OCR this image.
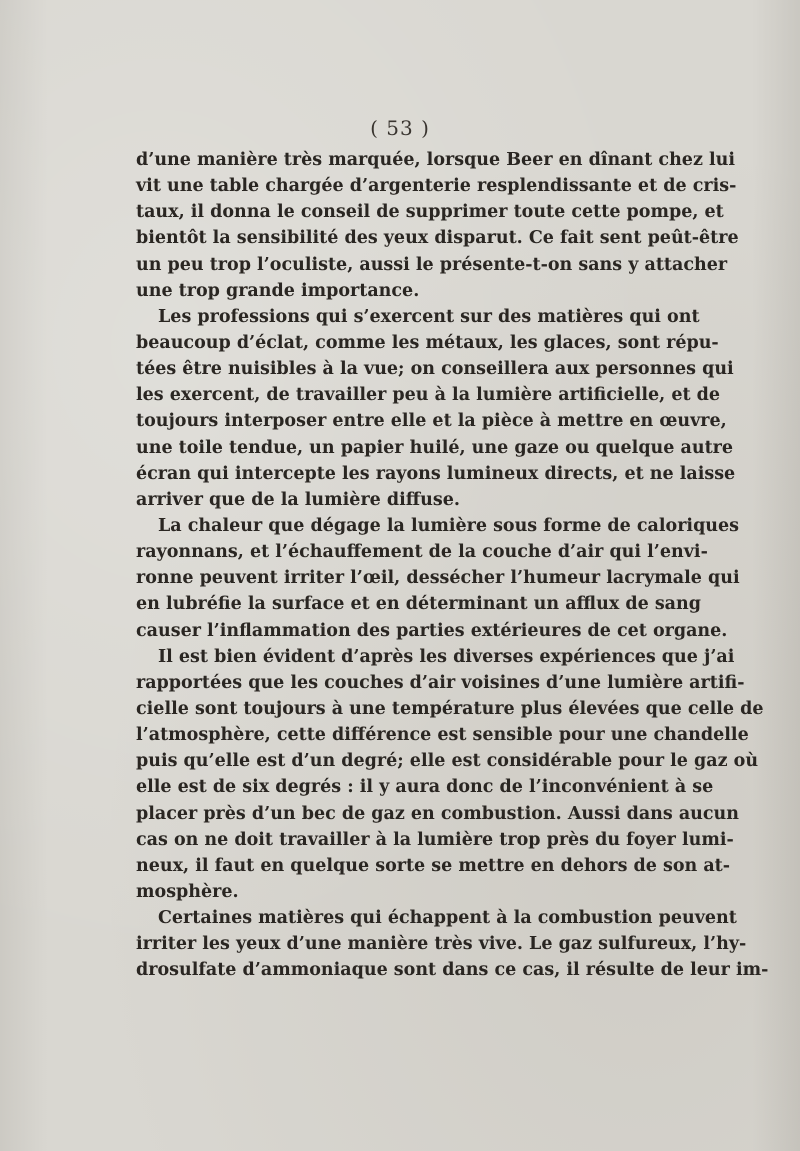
( 53 )
d’une manière très marquée, lorsque Beer en dînant chez lui
vit une table chargée d’argenterie resplendissante et de cris-
taux, il donna le conseil de supprimer toute cette pompe, et
bientôt la sensibilité des yeux disparut. Ce fait sent peût-être
un peu trop l’oculiste, aussi le présente-t-on sans y attacher
une trop grande importance.
Les professions qui s’exercent sur des matières qui ont
beaucoup d’éclat, comme les métaux, les glaces, sont répu-
tées être nuisibles à la vue; on conseillera aux personnes qui
les exercent, de travailler peu à la lumière artificielle, et de
toujours interposer entre elle et la pièce à mettre en œuvre,
une toile tendue, un papier huilé, une gaze ou quelque autre
écran qui intercepte les rayons lumineux directs, et ne laisse
arriver que de la lumière diffuse.
La chaleur que dégage la lumière sous forme de caloriques
rayonnans, et l’échauffement de la couche d’air qui l’envi-
ronne peuvent irriter l’œil, dessécher l’humeur lacrymale qui
en lubréfie la surface et en déterminant un afflux de sang
causer l’inflammation des parties extérieures de cet organe.
Il est bien évident d’après les diverses expériences que j’ai
rapportées que les couches d’air voisines d’une lumière artifi-
cielle sont toujours à une température plus élevées que celle de
l’atmosphère, cette différence est sensible pour une chandelle
puis qu’elle est d’un degré; elle est considérable pour le gaz où
elle est de six degrés : il y aura donc de l’inconvénient à se
placer près d’un bec de gaz en combustion. Aussi dans aucun
cas on ne doit travailler à la lumière trop près du foyer lumi-
neux, il faut en quelque sorte se mettre en dehors de son at-
mosphère.
Certaines matières qui échappent à la combustion peuvent
irriter les yeux d’une manière très vive. Le gaz sulfureux, l’hy-
drosulfate d’ammoniaque sont dans ce cas, il résulte de leur im-
